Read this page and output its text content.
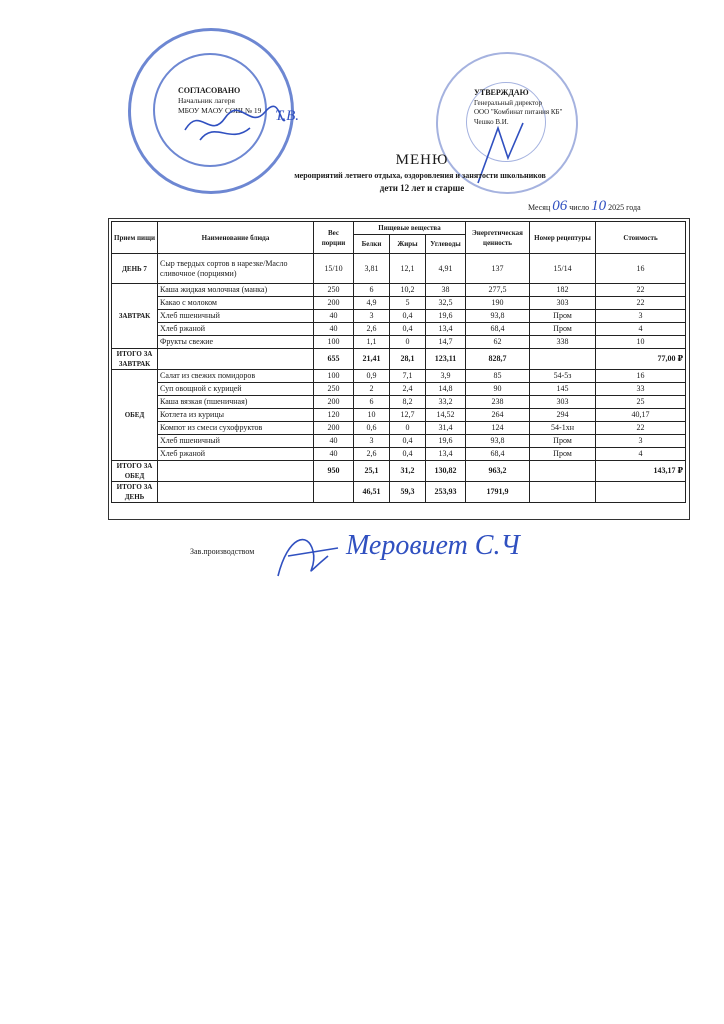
СОГЛАСОВАНО
Начальник лагеря
МБОУ МАОУ СОШ № 19 Т.В.
УТВЕРЖДАЮ
Генеральный директор
ООО "Комбинат питания КБ"
Чешко В.И.
МЕНЮ
мероприятий летнего отдыха, оздоровления и занятости школьников
дети 12 лет и старше
Месяц 06 число 10 2025 года
Прием пищи	Наименование блюда	Вес порции	Пищевые вещества			Энергетическая ценность	Номер рецептуры	Стоимость
			Белки	Жиры	Углеводы			
ДЕНЬ 7	Сыр твердых сортов в нарезке/Масло сливочное (порциями)	15/10	3,81	12,1	4,91	137	15/14	16
ЗАВТРАК	Каша жидкая молочная (манка)	250	6	10,2	38	277,5	182	22
	Какао с молоком	200	4,9	5	32,5	190	303	22
	Хлеб пшеничный	40	3	0,4	19,6	93,8	Пром	3
	Хлеб ржаной	40	2,6	0,4	13,4	68,4	Пром	4
	Фрукты свежие	100	1,1	0	14,7	62	338	10
ИТОГО ЗА ЗАВТРАК		655	21,41	28,1	123,11	828,7		77,00 ₽
ОБЕД	Салат из свежих помидоров	100	0,9	7,1	3,9	85	54-5з	16
	Суп овощной с курицей	250	2	2,4	14,8	90	145	33
	Каша вязкая (пшеничная)	200	6	8,2	33,2	238	303	25
	Котлета из курицы	120	10	12,7	14,52	264	294	40,17
	Компот из смеси сухофруктов	200	0,6	0	31,4	124	54-1хн	22
	Хлеб пшеничный	40	3	0,4	19,6	93,8	Пром	3
	Хлеб ржаной	40	2,6	0,4	13,4	68,4	Пром	4
ИТОГО ЗА ОБЕД		950	25,1	31,2	130,82	963,2		143,17 ₽
ИТОГО ЗА ДЕНЬ			46,51	59,3	253,93	1791,9		
Зав.производством	Меровиет С.Ч
